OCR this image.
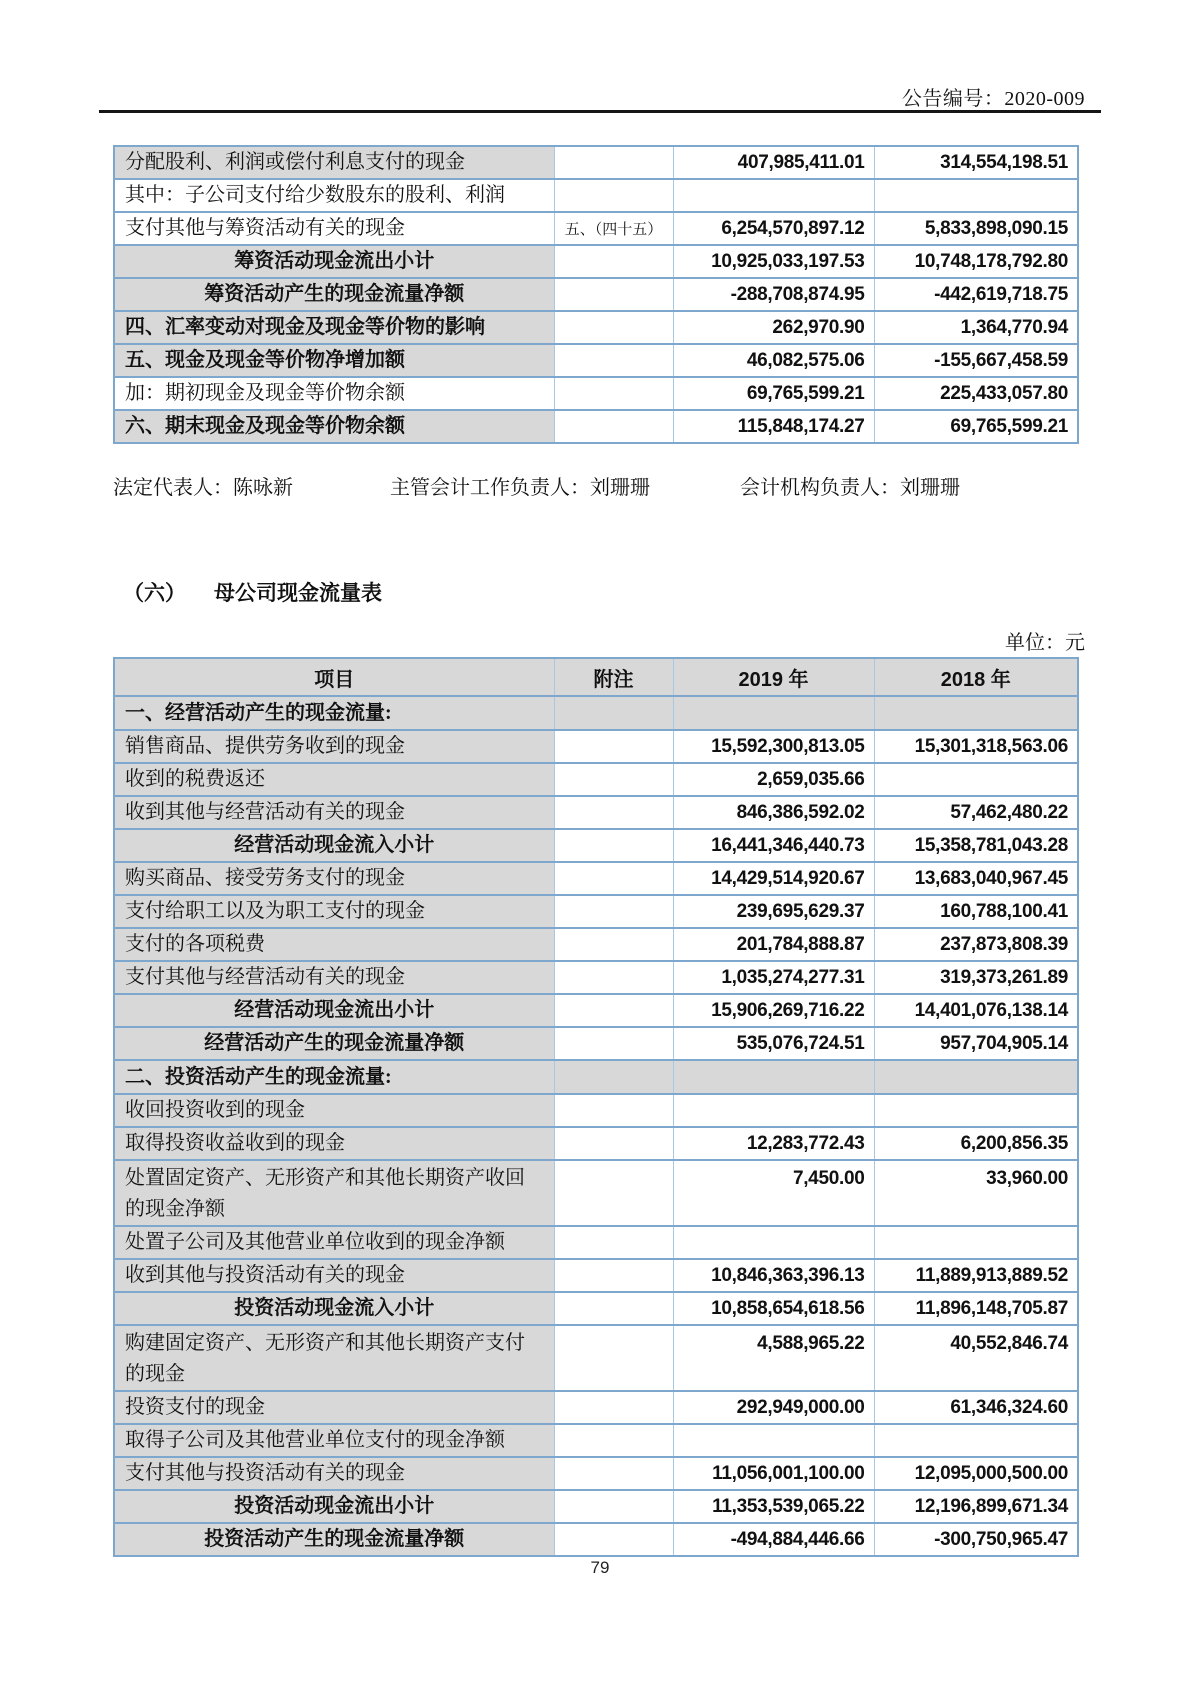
公告编号：2020-009
分配股利、利润或偿付利息支付的现金		407,985,411.01	314,554,198.51
其中：子公司支付给少数股东的股利、利润			
支付其他与筹资活动有关的现金	五、（四十五）	6,254,570,897.12	5,833,898,090.15
筹资活动现金流出小计		10,925,033,197.53	10,748,178,792.80
筹资活动产生的现金流量净额		-288,708,874.95	-442,619,718.75
四、汇率变动对现金及现金等价物的影响		262,970.90	1,364,770.94
五、现金及现金等价物净增加额		46,082,575.06	-155,667,458.59
加：期初现金及现金等价物余额		69,765,599.21	225,433,057.80
六、期末现金及现金等价物余额		115,848,174.27	69,765,599.21
法定代表人：陈咏新	主管会计工作负责人：刘珊珊	会计机构负责人：刘珊珊
（六） 母公司现金流量表
单位：元
项目	附注	2019 年	2018 年
一、经营活动产生的现金流量:			
销售商品、提供劳务收到的现金		15,592,300,813.05	15,301,318,563.06
收到的税费返还		2,659,035.66	
收到其他与经营活动有关的现金		846,386,592.02	57,462,480.22
经营活动现金流入小计		16,441,346,440.73	15,358,781,043.28
购买商品、接受劳务支付的现金		14,429,514,920.67	13,683,040,967.45
支付给职工以及为职工支付的现金		239,695,629.37	160,788,100.41
支付的各项税费		201,784,888.87	237,873,808.39
支付其他与经营活动有关的现金		1,035,274,277.31	319,373,261.89
经营活动现金流出小计		15,906,269,716.22	14,401,076,138.14
经营活动产生的现金流量净额		535,076,724.51	957,704,905.14
二、投资活动产生的现金流量:			
收回投资收到的现金			
取得投资收益收到的现金		12,283,772.43	6,200,856.35
处置固定资产、无形资产和其他长期资产收回的现金净额		7,450.00	33,960.00
处置子公司及其他营业单位收到的现金净额			
收到其他与投资活动有关的现金		10,846,363,396.13	11,889,913,889.52
投资活动现金流入小计		10,858,654,618.56	11,896,148,705.87
购建固定资产、无形资产和其他长期资产支付的现金		4,588,965.22	40,552,846.74
投资支付的现金		292,949,000.00	61,346,324.60
取得子公司及其他营业单位支付的现金净额			
支付其他与投资活动有关的现金		11,056,001,100.00	12,095,000,500.00
投资活动现金流出小计		11,353,539,065.22	12,196,899,671.34
投资活动产生的现金流量净额		-494,884,446.66	-300,750,965.47
79
